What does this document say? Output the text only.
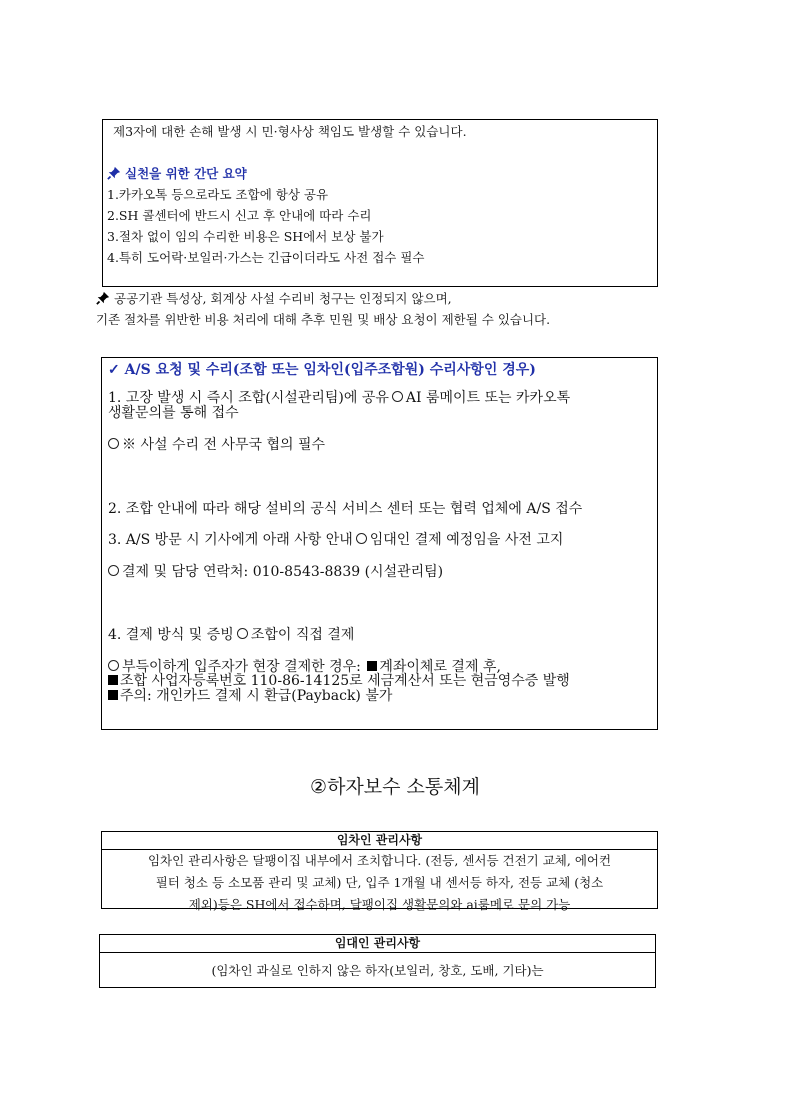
제3자에 대한 손해 발생 시 민·형사상 책임도 발생할 수 있습니다.
실천을 위한 간단 요약
1.카카오톡 등으로라도 조합에 항상 공유
2.SH 콜센터에 반드시 신고 후 안내에 따라 수리
3.절차 없이 임의 수리한 비용은 SH에서 보상 불가
4.특히 도어락·보일러·가스는 긴급이더라도 사전 접수 필수
공공기관 특성상, 회계상 사설 수리비 청구는 인정되지 않으며,
기존 절차를 위반한 비용 처리에 대해 추후 민원 및 배상 요청이 제한될 수 있습니다.
✓ A/S 요청 및 수리(조합 또는 임차인(입주조합원) 수리사항인 경우)
1. 고장 발생 시 즉시 조합(시설관리팀)에 공유 AI 룸메이트 또는 카카오톡
생활문의를 통해 접수
※ 사설 수리 전 사무국 협의 필수
2. 조합 안내에 따라 해당 설비의 공식 서비스 센터 또는 협력 업체에 A/S 접수
3. A/S 방문 시 기사에게 아래 사항 안내 임대인 결제 예정임을 사전 고지
결제 및 담당 연락처: 010-8543-8839 (시설관리팀)
4. 결제 방식 및 증빙 조합이 직접 결제
부득이하게 입주자가 현장 결제한 경우: 계좌이체로 결제 후,
조합 사업자등록번호 110-86-14125로 세금계산서 또는 현금영수증 발행
주의: 개인카드 결제 시 환급(Payback) 불가
②하자보수 소통체계
임차인 관리사항
임차인 관리사항은 달팽이집 내부에서 조치합니다. (전등, 센서등 건전기 교체, 에어컨
필터 청소 등 소모품 관리 및 교체) 단, 입주 1개월 내 센서등 하자, 전등 교체 (청소
제외)등은 SH에서 접수하며, 달팽이집 생활문의와 ai룸메로 문의 가능
임대인 관리사항
(임차인 과실로 인하지 않은 하자(보일러, 창호, 도배, 기타)는
